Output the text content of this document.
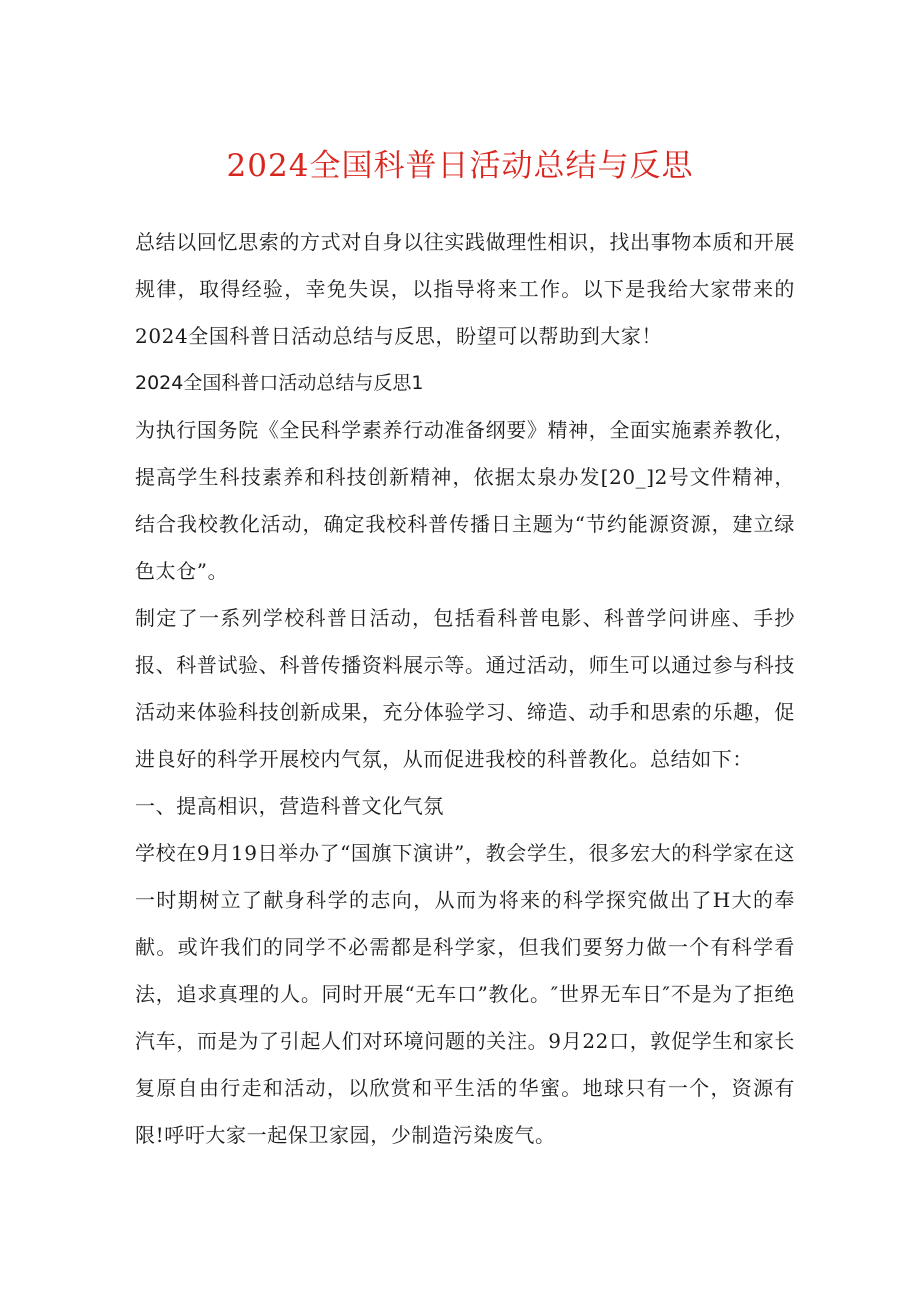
2024全国科普日活动总结与反思

总结以回忆思索的方式对自身以往实践做理性相识，找出事物本质和开展规律，取得经验，幸免失误，以指导将来工作。以下是我给大家带来的2024全国科普日活动总结与反思，盼望可以帮助到大家！

2024全国科普口活动总结与反思1

为执行国务院《全民科学素养行动准备纲要》精神，全面实施素养教化，提高学生科技素养和科技创新精神，依据太泉办发[20_]2号文件精神，结合我校教化活动，确定我校科普传播日主题为“节约能源资源，建立绿色太仓”。

制定了一系列学校科普日活动，包括看科普电影、科普学问讲座、手抄报、科普试验、科普传播资料展示等。通过活动，师生可以通过参与科技活动来体验科技创新成果，充分体验学习、缔造、动手和思索的乐趣，促进良好的科学开展校内气氛，从而促进我校的科普教化。总结如下：

一、提高相识，营造科普文化气氛

学校在9月19日举办了“国旗下演讲”，教会学生，很多宏大的科学家在这一时期树立了献身科学的志向，从而为将来的科学探究做出了H大的奉献。或许我们的同学不必需都是科学家，但我们要努力做一个有科学看法，追求真理的人。同时开展“无车口”教化。″世界无车日″不是为了拒绝汽车，而是为了引起人们对环境问题的关注。9月22口，敦促学生和家长复原自由行走和活动，以欣赏和平生活的华蜜。地球只有一个，资源有限!呼吁大家一起保卫家园，少制造污染废气。
